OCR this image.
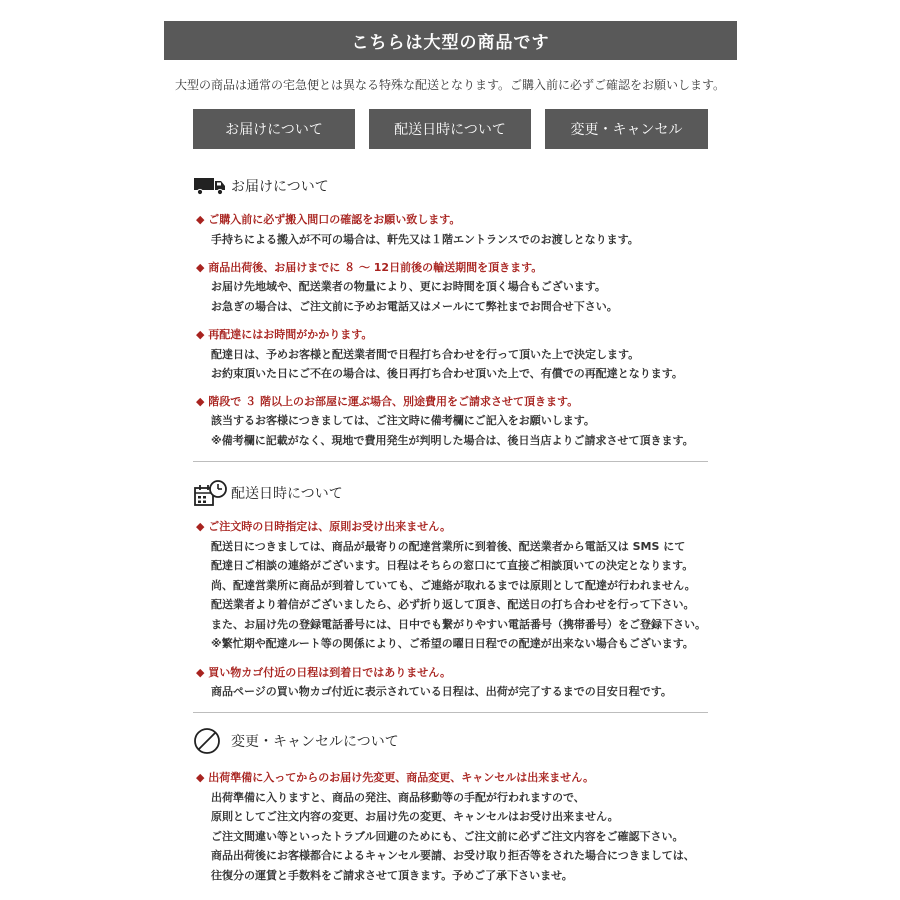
こちらは大型の商品です
大型の商品は通常の宅急便とは異なる特殊な配送となります。ご購入前に必ずご確認をお願いします。
お届けについて	配送日時について	変更・キャンセル
お届けについて
◆ ご購入前に必ず搬入間口の確認をお願い致します。
手持ちによる搬入が不可の場合は、軒先又は１階エントランスでのお渡しとなります。
◆ 商品出荷後、お届けまでに ８ 〜 12日前後の輸送期間を頂きます。
お届け先地域や、配送業者の物量により、更にお時間を頂く場合もございます。
お急ぎの場合は、ご注文前に予めお電話又はメールにて弊社までお問合せ下さい。
◆ 再配達にはお時間がかかります。
配達日は、予めお客様と配送業者間で日程打ち合わせを行って頂いた上で決定します。
お約束頂いた日にご不在の場合は、後日再打ち合わせ頂いた上で、有償での再配達となります。
◆ 階段で ３ 階以上のお部屋に運ぶ場合、別途費用をご請求させて頂きます。
該当するお客様につきましては、ご注文時に備考欄にご記入をお願いします。
※備考欄に記載がなく、現地で費用発生が判明した場合は、後日当店よりご請求させて頂きます。
配送日時について
◆ ご注文時の日時指定は、原則お受け出来ません。
配送日につきましては、商品が最寄りの配達営業所に到着後、配送業者から電話又は SMS にて
配達日ご相談の連絡がございます。日程はそちらの窓口にて直接ご相談頂いての決定となります。
尚、配達営業所に商品が到着していても、ご連絡が取れるまでは原則として配達が行われません。
配送業者より着信がございましたら、必ず折り返して頂き、配送日の打ち合わせを行って下さい。
また、お届け先の登録電話番号には、日中でも繋がりやすい電話番号（携帯番号）をご登録下さい。
※繁忙期や配達ルート等の関係により、ご希望の曜日日程での配達が出来ない場合もございます。
◆ 買い物カゴ付近の日程は到着日ではありません。
商品ページの買い物カゴ付近に表示されている日程は、出荷が完了するまでの目安日程です。
変更・キャンセルについて
◆ 出荷準備に入ってからのお届け先変更、商品変更、キャンセルは出来ません。
出荷準備に入りますと、商品の発注、商品移動等の手配が行われますので、
原則としてご注文内容の変更、お届け先の変更、キャンセルはお受け出来ません。
ご注文間違い等といったトラブル回避のためにも、ご注文前に必ずご注文内容をご確認下さい。
商品出荷後にお客様都合によるキャンセル要請、お受け取り拒否等をされた場合につきましては、
往復分の運賃と手数料をご請求させて頂きます。予めご了承下さいませ。
